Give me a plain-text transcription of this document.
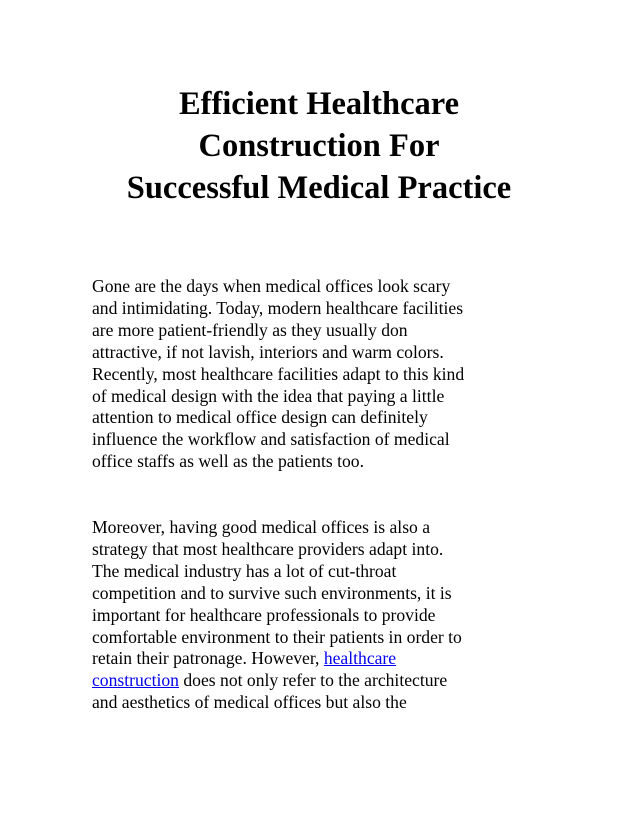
Efficient Healthcare
Construction For
Successful Medical Practice

Gone are the days when medical offices look scary
and intimidating. Today, modern healthcare facilities
are more patient-friendly as they usually don
attractive, if not lavish, interiors and warm colors.
Recently, most healthcare facilities adapt to this kind
of medical design with the idea that paying a little
attention to medical office design can definitely
influence the workflow and satisfaction of medical
office staffs as well as the patients too.

Moreover, having good medical offices is also a
strategy that most healthcare providers adapt into.
The medical industry has a lot of cut-throat
competition and to survive such environments, it is
important for healthcare professionals to provide
comfortable environment to their patients in order to
retain their patronage. However, healthcare
construction does not only refer to the architecture
and aesthetics of medical offices but also the
